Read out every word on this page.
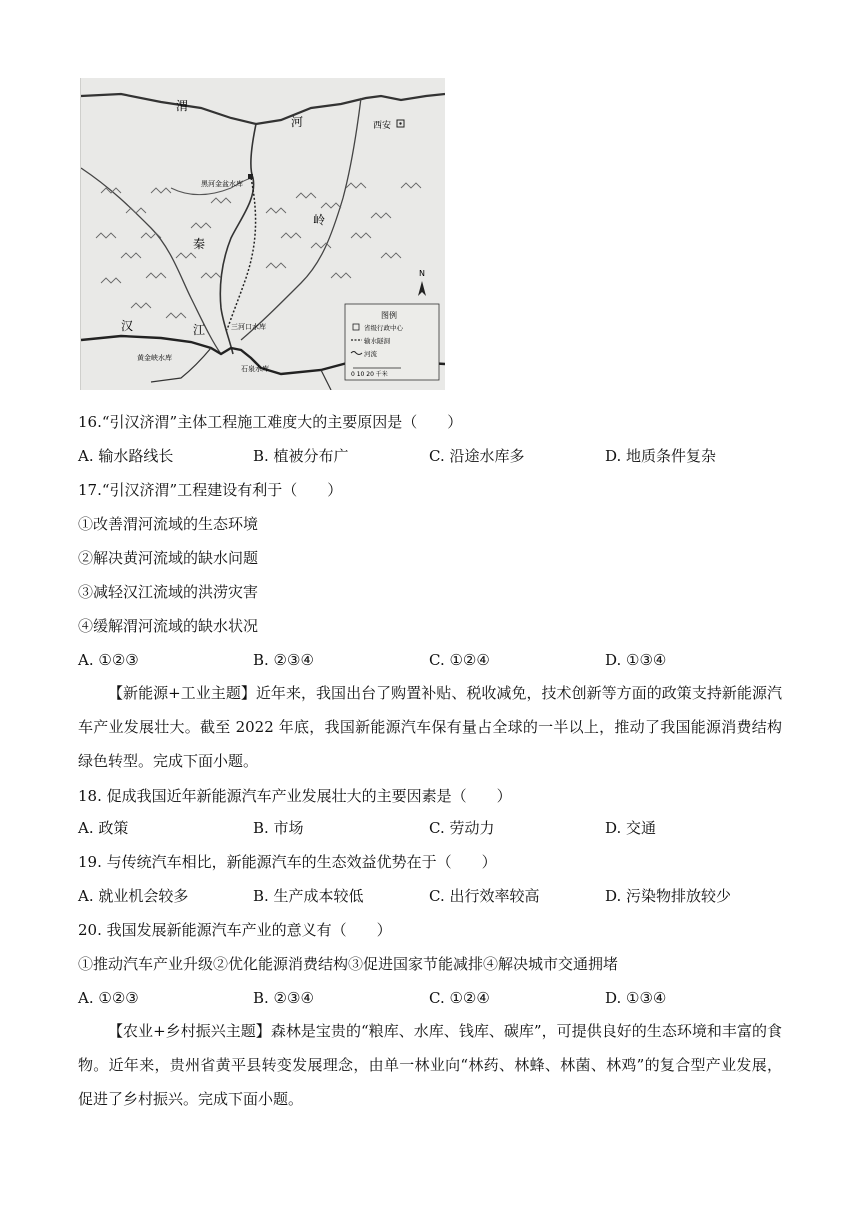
渭
河	西安
黑河金盆水库
秦
岭
汉	江	三河口水库
黄金峡水库
石泉水库
N
图例
省级行政中心
输水隧洞
河流
0 10 20 千米
16.“引汉济渭”主体工程施工难度大的主要原因是（　　）
A. 输水路线长	B. 植被分布广	C. 沿途水库多	D. 地质条件复杂
17.“引汉济渭”工程建设有利于（　　）
①改善渭河流域的生态环境
②解决黄河流域的缺水问题
③减轻汉江流域的洪涝灾害
④缓解渭河流域的缺水状况
A. ①②③	B. ②③④	C. ①②④	D. ①③④
【新能源+工业主题】近年来，我国出台了购置补贴、税收减免，技术创新等方面的政策支持新能源汽车产业发展壮大。截至 2022 年底，我国新能源汽车保有量占全球的一半以上，推动了我国能源消费结构绿色转型。完成下面小题。
18. 促成我国近年新能源汽车产业发展壮大的主要因素是（　　）
A. 政策	B. 市场	C. 劳动力	D. 交通
19. 与传统汽车相比，新能源汽车的生态效益优势在于（　　）
A. 就业机会较多	B. 生产成本较低	C. 出行效率较高	D. 污染物排放较少
20. 我国发展新能源汽车产业的意义有（　　）
①推动汽车产业升级②优化能源消费结构③促进国家节能减排④解决城市交通拥堵
A. ①②③	B. ②③④	C. ①②④	D. ①③④
【农业+乡村振兴主题】森林是宝贵的“粮库、水库、钱库、碳库”，可提供良好的生态环境和丰富的食物。近年来，贵州省黄平县转变发展理念，由单一林业向“林药、林蜂、林菌、林鸡”的复合型产业发展，促进了乡村振兴。完成下面小题。
